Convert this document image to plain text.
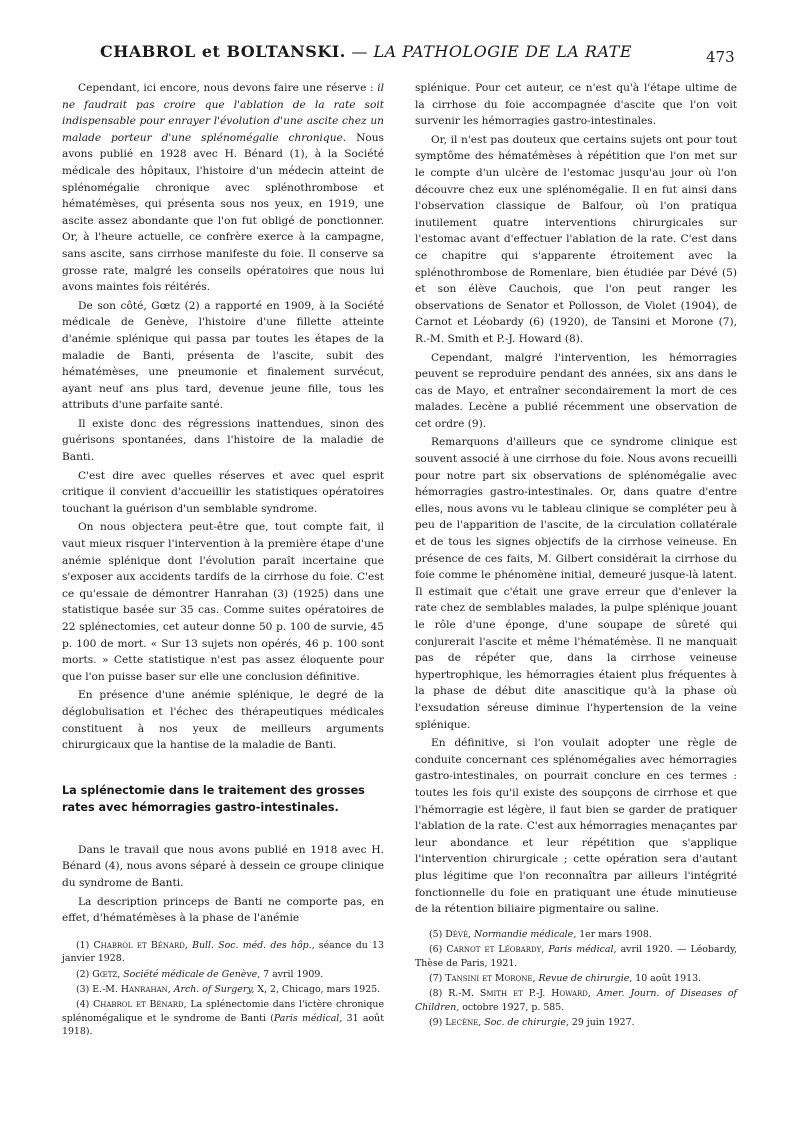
CHABROL et BOLTANSKI. — LA PATHOLOGIE DE LA RATE	473

Cependant, ici encore, nous devons faire une réserve : il ne faudrait pas croire que l'ablation de la rate soit indispensable pour enrayer l'évolution d'une ascite chez un malade porteur d'une splénomégalie chronique. Nous avons publié en 1928 avec H. Bénard (1), à la Société médicale des hôpitaux, l'histoire d'un médecin atteint de splénomégalie chronique avec splénothrombose et hématémèses, qui présenta sous nos yeux, en 1919, une ascite assez abondante que l'on fut obligé de ponctionner. Or, à l'heure actuelle, ce confrère exerce à la campagne, sans ascite, sans cirrhose manifeste du foie. Il conserve sa grosse rate, malgré les conseils opératoires que nous lui avons maintes fois réitérés.

De son côté, Gœtz (2) a rapporté en 1909, à la Société médicale de Genève, l'histoire d'une fillette atteinte d'anémie splénique qui passa par toutes les étapes de la maladie de Banti, présenta de l'ascite, subit des hématémèses, une pneumonie et finalement survécut, ayant neuf ans plus tard, devenue jeune fille, tous les attributs d'une parfaite santé.

Il existe donc des régressions inattendues, sinon des guérisons spontanées, dans l'histoire de la maladie de Banti.

C'est dire avec quelles réserves et avec quel esprit critique il convient d'accueillir les statistiques opératoires touchant la guérison d'un semblable syndrome.

On nous objectera peut-être que, tout compte fait, il vaut mieux risquer l'intervention à la première étape d'une anémie splénique dont l'évolution paraît incertaine que s'exposer aux accidents tardifs de la cirrhose du foie. C'est ce qu'essaie de démontrer Hanrahan (3) (1925) dans une statistique basée sur 35 cas. Comme suites opératoires de 22 splénectomies, cet auteur donne 50 p. 100 de survie, 45 p. 100 de mort. « Sur 13 sujets non opérés, 46 p. 100 sont morts. » Cette statistique n'est pas assez éloquente pour que l'on puisse baser sur elle une conclusion définitive.

En présence d'une anémie splénique, le degré de la déglobulisation et l'échec des thérapeutiques médicales constituent à nos yeux de meilleurs arguments chirurgicaux que la hantise de la maladie de Banti.

La splénectomie dans le traitement des grosses rates avec hémorragies gastro-intestinales.

Dans le travail que nous avons publié en 1918 avec H. Bénard (4), nous avons séparé à dessein ce groupe clinique du syndrome de Banti.

La description princeps de Banti ne comporte pas, en effet, d'hématémèses à la phase de l'anémie

(1) Chabrol et Bénard, Bull. Soc. méd. des hôp., séance du 13 janvier 1928.

(2) Gœtz, Société médicale de Genève, 7 avril 1909.

(3) E.-M. Hanrahan, Arch. of Surgery, X, 2, Chicago, mars 1925.

(4) Chabrol et Bénard, La splénectomie dans l'ictère chronique splénomégalique et le syndrome de Banti (Paris médical, 31 août 1918).

splénique. Pour cet auteur, ce n'est qu'à l'étape ultime de la cirrhose du foie accompagnée d'ascite que l'on voit survenir les hémorragies gastro-intestinales.

Or, il n'est pas douteux que certains sujets ont pour tout symptôme des hématémèses à répétition que l'on met sur le compte d'un ulcère de l'estomac jusqu'au jour où l'on découvre chez eux une splénomégalie. Il en fut ainsi dans l'observation classique de Balfour, où l'on pratiqua inutilement quatre interventions chirurgicales sur l'estomac avant d'effectuer l'ablation de la rate. C'est dans ce chapitre qui s'apparente étroitement avec la splénothrombose de Romenlare, bien étudiée par Dévé (5) et son élève Cauchois, que l'on peut ranger les observations de Senator et Pollosson, de Violet (1904), de Carnot et Léobardy (6) (1920), de Tansini et Morone (7), R.-M. Smith et P.-J. Howard (8).

Cependant, malgré l'intervention, les hémorragies peuvent se reproduire pendant des années, six ans dans le cas de Mayo, et entraîner secondairement la mort de ces malades. Lecène a publié récemment une observation de cet ordre (9).

Remarquons d'ailleurs que ce syndrome clinique est souvent associé à une cirrhose du foie. Nous avons recueilli pour notre part six observations de splénomégalie avec hémorragies gastro-intestinales. Or, dans quatre d'entre elles, nous avons vu le tableau clinique se compléter peu à peu de l'apparition de l'ascite, de la circulation collatérale et de tous les signes objectifs de la cirrhose veineuse. En présence de ces faits, M. Gilbert considérait la cirrhose du foie comme le phénomène initial, demeuré jusque-là latent. Il estimait que c'était une grave erreur que d'enlever la rate chez de semblables malades, la pulpe splénique jouant le rôle d'une éponge, d'une soupape de sûreté qui conjurerait l'ascite et même l'hématémèse. Il ne manquait pas de répéter que, dans la cirrhose veineuse hypertrophique, les hémorragies étaient plus fréquentes à la phase de début dite anascitique qu'à la phase où l'exsudation séreuse diminue l'hypertension de la veine splénique.

En définitive, si l'on voulait adopter une règle de conduite concernant ces splénomégalies avec hémorragies gastro-intestinales, on pourrait conclure en ces termes : toutes les fois qu'il existe des soupçons de cirrhose et que l'hémorragie est légère, il faut bien se garder de pratiquer l'ablation de la rate. C'est aux hémorragies menaçantes par leur abondance et leur répétition que s'applique l'intervention chirurgicale ; cette opération sera d'autant plus légitime que l'on reconnaîtra par ailleurs l'intégrité fonctionnelle du foie en pratiquant une étude minutieuse de la rétention biliaire pigmentaire ou saline.

(5) Dévé, Normandie médicale, 1er mars 1908.

(6) Carnot et Léobardy, Paris médical, avril 1920. — Léobardy, Thèse de Paris, 1921.

(7) Tansini et Morone, Revue de chirurgie, 10 août 1913.

(8) R.-M. Smith et P.-J. Howard, Amer. Journ. of Diseases of Children, octobre 1927, p. 585.

(9) Lecène, Soc. de chirurgie, 29 juin 1927.
